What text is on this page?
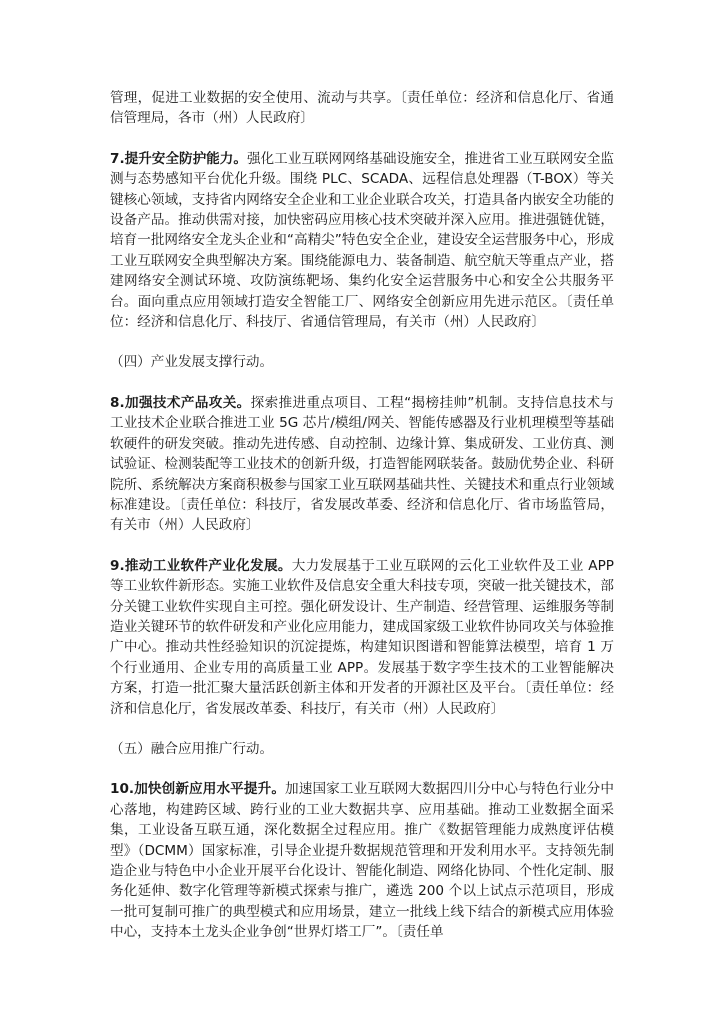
管理，促进工业数据的安全使用、流动与共享。〔责任单位：经济和信息化厅、省通信管理局，各市（州）人民政府〕

7.提升安全防护能力。强化工业互联网网络基础设施安全，推进省工业互联网安全监测与态势感知平台优化升级。围绕 PLC、SCADA、远程信息处理器（T-BOX）等关键核心领域，支持省内网络安全企业和工业企业联合攻关，打造具备内嵌安全功能的设备产品。推动供需对接，加快密码应用核心技术突破并深入应用。推进强链优链，培育一批网络安全龙头企业和“高精尖”特色安全企业，建设安全运营服务中心，形成工业互联网安全典型解决方案。围绕能源电力、装备制造、航空航天等重点产业，搭建网络安全测试环境、攻防演练靶场、集约化安全运营服务中心和安全公共服务平台。面向重点应用领域打造安全智能工厂、网络安全创新应用先进示范区。〔责任单位：经济和信息化厅、科技厅、省通信管理局，有关市（州）人民政府〕

（四）产业发展支撑行动。

8.加强技术产品攻关。探索推进重点项目、工程“揭榜挂帅”机制。支持信息技术与工业技术企业联合推进工业 5G 芯片/模组/网关、智能传感器及行业机理模型等基础软硬件的研发突破。推动先进传感、自动控制、边缘计算、集成研发、工业仿真、测试验证、检测装配等工业技术的创新升级，打造智能网联装备。鼓励优势企业、科研院所、系统解决方案商积极参与国家工业互联网基础共性、关键技术和重点行业领域标准建设。〔责任单位：科技厅，省发展改革委、经济和信息化厅、省市场监管局，有关市（州）人民政府〕

9.推动工业软件产业化发展。大力发展基于工业互联网的云化工业软件及工业 APP 等工业软件新形态。实施工业软件及信息安全重大科技专项，突破一批关键技术，部分关键工业软件实现自主可控。强化研发设计、生产制造、经营管理、运维服务等制造业关键环节的软件研发和产业化应用能力，建成国家级工业软件协同攻关与体验推广中心。推动共性经验知识的沉淀提炼，构建知识图谱和智能算法模型，培育 1 万个行业通用、企业专用的高质量工业 APP。发展基于数字孪生技术的工业智能解决方案，打造一批汇聚大量活跃创新主体和开发者的开源社区及平台。〔责任单位：经济和信息化厅，省发展改革委、科技厅，有关市（州）人民政府〕

（五）融合应用推广行动。

10.加快创新应用水平提升。加速国家工业互联网大数据四川分中心与特色行业分中心落地，构建跨区域、跨行业的工业大数据共享、应用基础。推动工业数据全面采集，工业设备互联互通，深化数据全过程应用。推广《数据管理能力成熟度评估模型》（DCMM）国家标准，引导企业提升数据规范管理和开发利用水平。支持领先制造企业与特色中小企业开展平台化设计、智能化制造、网络化协同、个性化定制、服务化延伸、数字化管理等新模式探索与推广，遴选 200 个以上试点示范项目，形成一批可复制可推广的典型模式和应用场景，建立一批线上线下结合的新模式应用体验中心，支持本土龙头企业争创“世界灯塔工厂”。〔责任单
